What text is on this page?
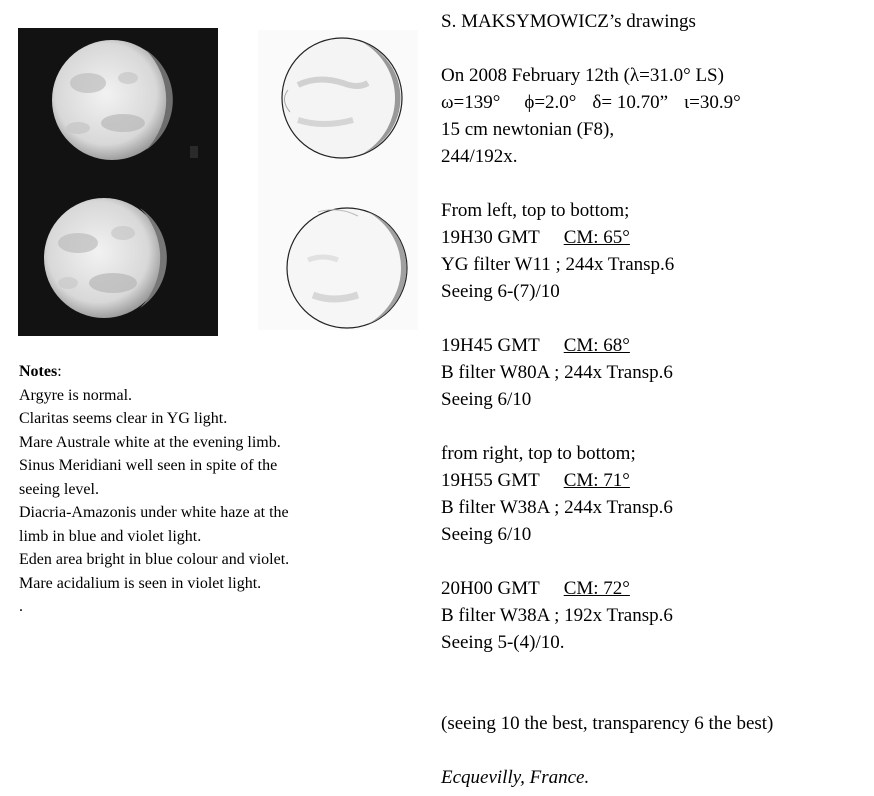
Notes:
Argyre is normal.
Claritas seems clear in YG light.
Mare Australe white at the evening limb.
Sinus Meridiani well seen in spite of the
seeing level.
Diacria-Amazonis under white haze at the
limb in blue and violet light.
Eden area bright in blue colour and violet.
Mare acidalium is seen in violet light.
.
S. MAKSYMOWICZ’s drawings
On 2008 February 12th (λ=31.0° LS)
ω=139° ϕ=2.0° δ= 10.70” ι=30.9°
15 cm newtonian (F8),
244/192x.
From left, top to bottom;
19H30 GMT CM: 65°
YG filter W11 ; 244x Transp.6
Seeing 6-(7)/10
19H45 GMT CM: 68°
B filter W80A ; 244x Transp.6
Seeing 6/10
from right, top to bottom;
19H55 GMT CM: 71°
B filter W38A ; 244x Transp.6
Seeing 6/10
20H00 GMT CM: 72°
B filter W38A ; 192x Transp.6
Seeing 5-(4)/10.
(seeing 10 the best, transparency 6 the best)
Ecquevilly, France.
